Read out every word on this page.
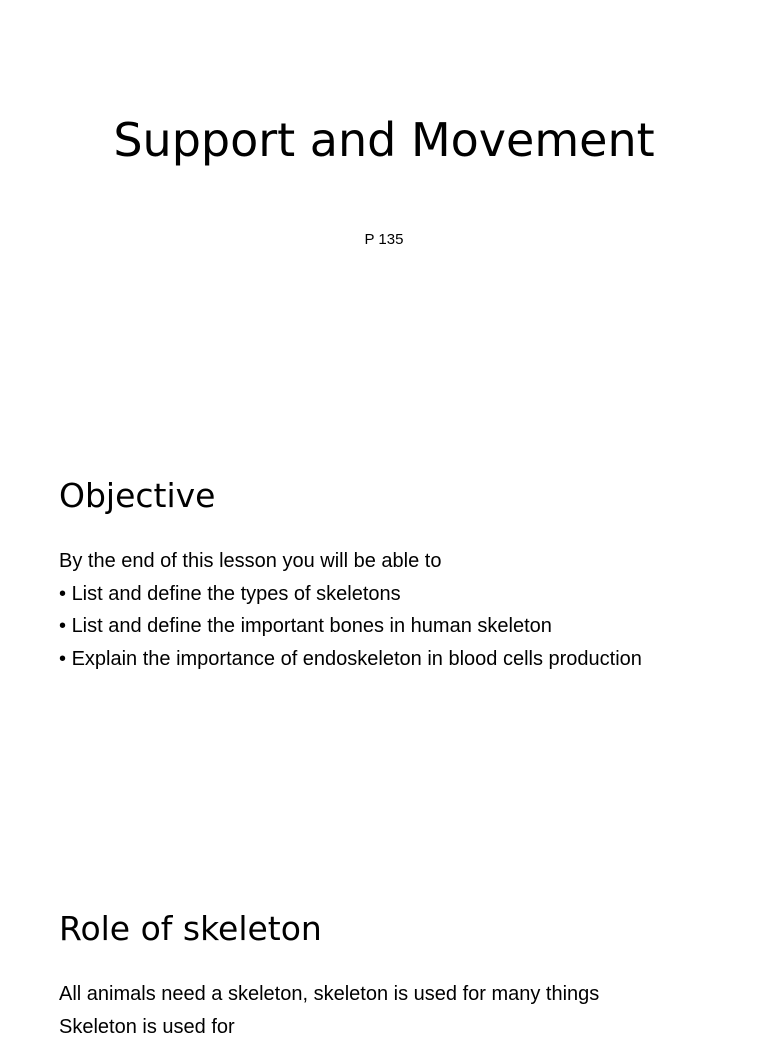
Support and Movement
P 135
Objective

By the end of this lesson you will be able to

• List and define the types of skeletons
• List and define the important bones in human skeleton
• Explain the importance of endoskeleton in blood cells production
Role of skeleton

All animals need a skeleton, skeleton is used for many things

Skeleton is used for
